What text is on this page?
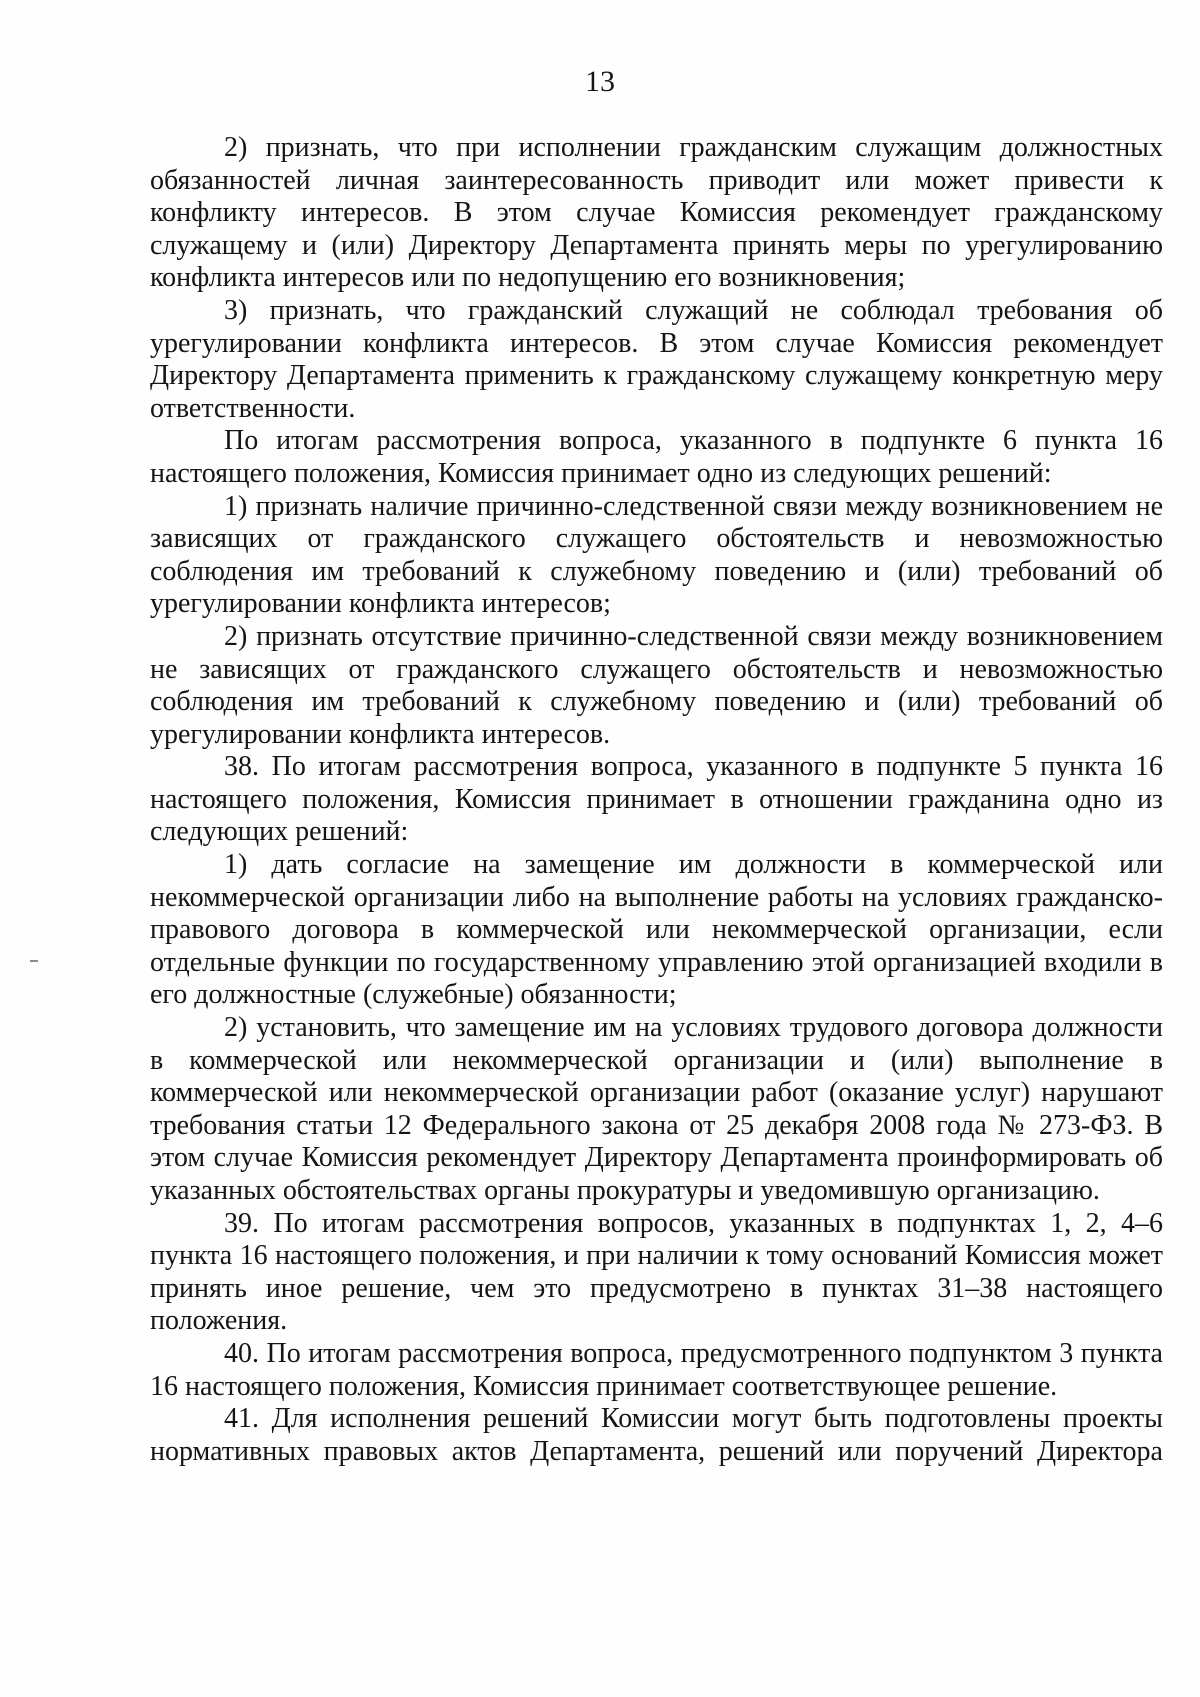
13

2) признать, что при исполнении гражданским служащим должностных обязанностей личная заинтересованность приводит или может привести к конфликту интересов. В этом случае Комиссия рекомендует гражданскому служащему и (или) Директору Департамента принять меры по урегулированию конфликта интересов или по недопущению его возникновения;

3) признать, что гражданский служащий не соблюдал требования об урегулировании конфликта интересов. В этом случае Комиссия рекомендует Директору Департамента применить к гражданскому служащему конкретную меру ответственности.

По итогам рассмотрения вопроса, указанного в подпункте 6 пункта 16 настоящего положения, Комиссия принимает одно из следующих решений:

1) признать наличие причинно-следственной связи между возникновением не зависящих от гражданского служащего обстоятельств и невозможностью соблюдения им требований к служебному поведению и (или) требований об урегулировании конфликта интересов;

2) признать отсутствие причинно-следственной связи между возникновением не зависящих от гражданского служащего обстоятельств и невозможностью соблюдения им требований к служебному поведению и (или) требований об урегулировании конфликта интересов.

38. По итогам рассмотрения вопроса, указанного в подпункте 5 пункта 16 настоящего положения, Комиссия принимает в отношении гражданина одно из следующих решений:

1) дать согласие на замещение им должности в коммерческой или некоммерческой организации либо на выполнение работы на условиях гражданско-правового договора в коммерческой или некоммерческой организации, если отдельные функции по государственному управлению этой организацией входили в его должностные (служебные) обязанности;

2) установить, что замещение им на условиях трудового договора должности в коммерческой или некоммерческой организации и (или) выполнение в коммерческой или некоммерческой организации работ (оказание услуг) нарушают требования статьи 12 Федерального закона от 25 декабря 2008 года № 273-ФЗ. В этом случае Комиссия рекомендует Директору Департамента проинформировать об указанных обстоятельствах органы прокуратуры и уведомившую организацию.

39. По итогам рассмотрения вопросов, указанных в подпунктах 1, 2, 4–6 пункта 16 настоящего положения, и при наличии к тому оснований Комиссия может принять иное решение, чем это предусмотрено в пунктах 31–38 настоящего положения.

40. По итогам рассмотрения вопроса, предусмотренного подпунктом 3 пункта 16 настоящего положения, Комиссия принимает соответствующее решение.

41. Для исполнения решений Комиссии могут быть подготовлены проекты нормативных правовых актов Департамента, решений или поручений Директора
